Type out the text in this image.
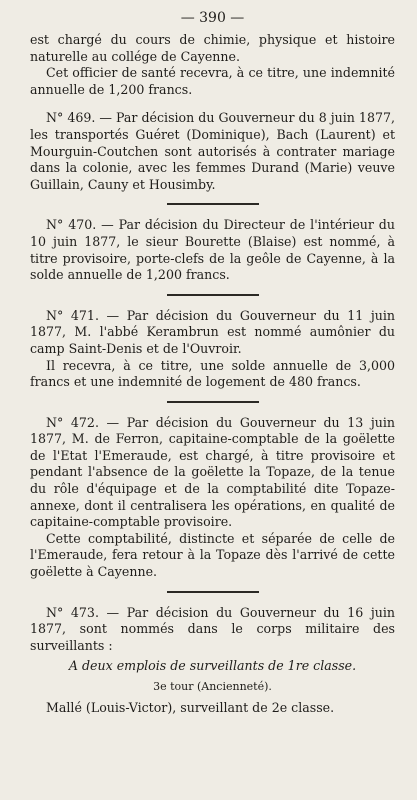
— 390 —

est chargé du cours de chimie, physique et histoire naturelle au collége de Cayenne.

Cet officier de santé recevra, à ce titre, une indemnité annuelle de 1,200 francs.

N° 469. — Par décision du Gouverneur du 8 juin 1877, les transportés Guéret (Dominique), Bach (Laurent) et Mourguin-Coutchen sont autorisés à contrater mariage dans la colonie, avec les femmes Durand (Marie) veuve Guillain, Cauny et Housimby.

N° 470. — Par décision du Directeur de l'intérieur du 10 juin 1877, le sieur Bourette (Blaise) est nommé, à titre provisoire, porte-clefs de la geôle de Cayenne, à la solde annuelle de 1,200 francs.

N° 471. — Par décision du Gouverneur du 11 juin 1877, M. l'abbé Kerambrun est nommé aumônier du camp Saint-Denis et de l'Ouvroir.

Il recevra, à ce titre, une solde annuelle de 3,000 francs et une indemnité de logement de 480 francs.

N° 472. — Par décision du Gouverneur du 13 juin 1877, M. de Ferron, capitaine-comptable de la goëlette de l'Etat l'Emeraude, est chargé, à titre provisoire et pendant l'absence de la goëlette la Topaze, de la tenue du rôle d'équipage et de la comptabilité dite Topaze-annexe, dont il centralisera les opérations, en qualité de capitaine-comptable provisoire.

Cette comptabilité, distincte et séparée de celle de l'Emeraude, fera retour à la Topaze dès l'arrivé de cette goëlette à Cayenne.

N° 473. — Par décision du Gouverneur du 16 juin 1877, sont nommés dans le corps militaire des surveillants :

A deux emplois de surveillants de 1re classe.

3e tour (Ancienneté).

Mallé (Louis-Victor), surveillant de 2e classe.
